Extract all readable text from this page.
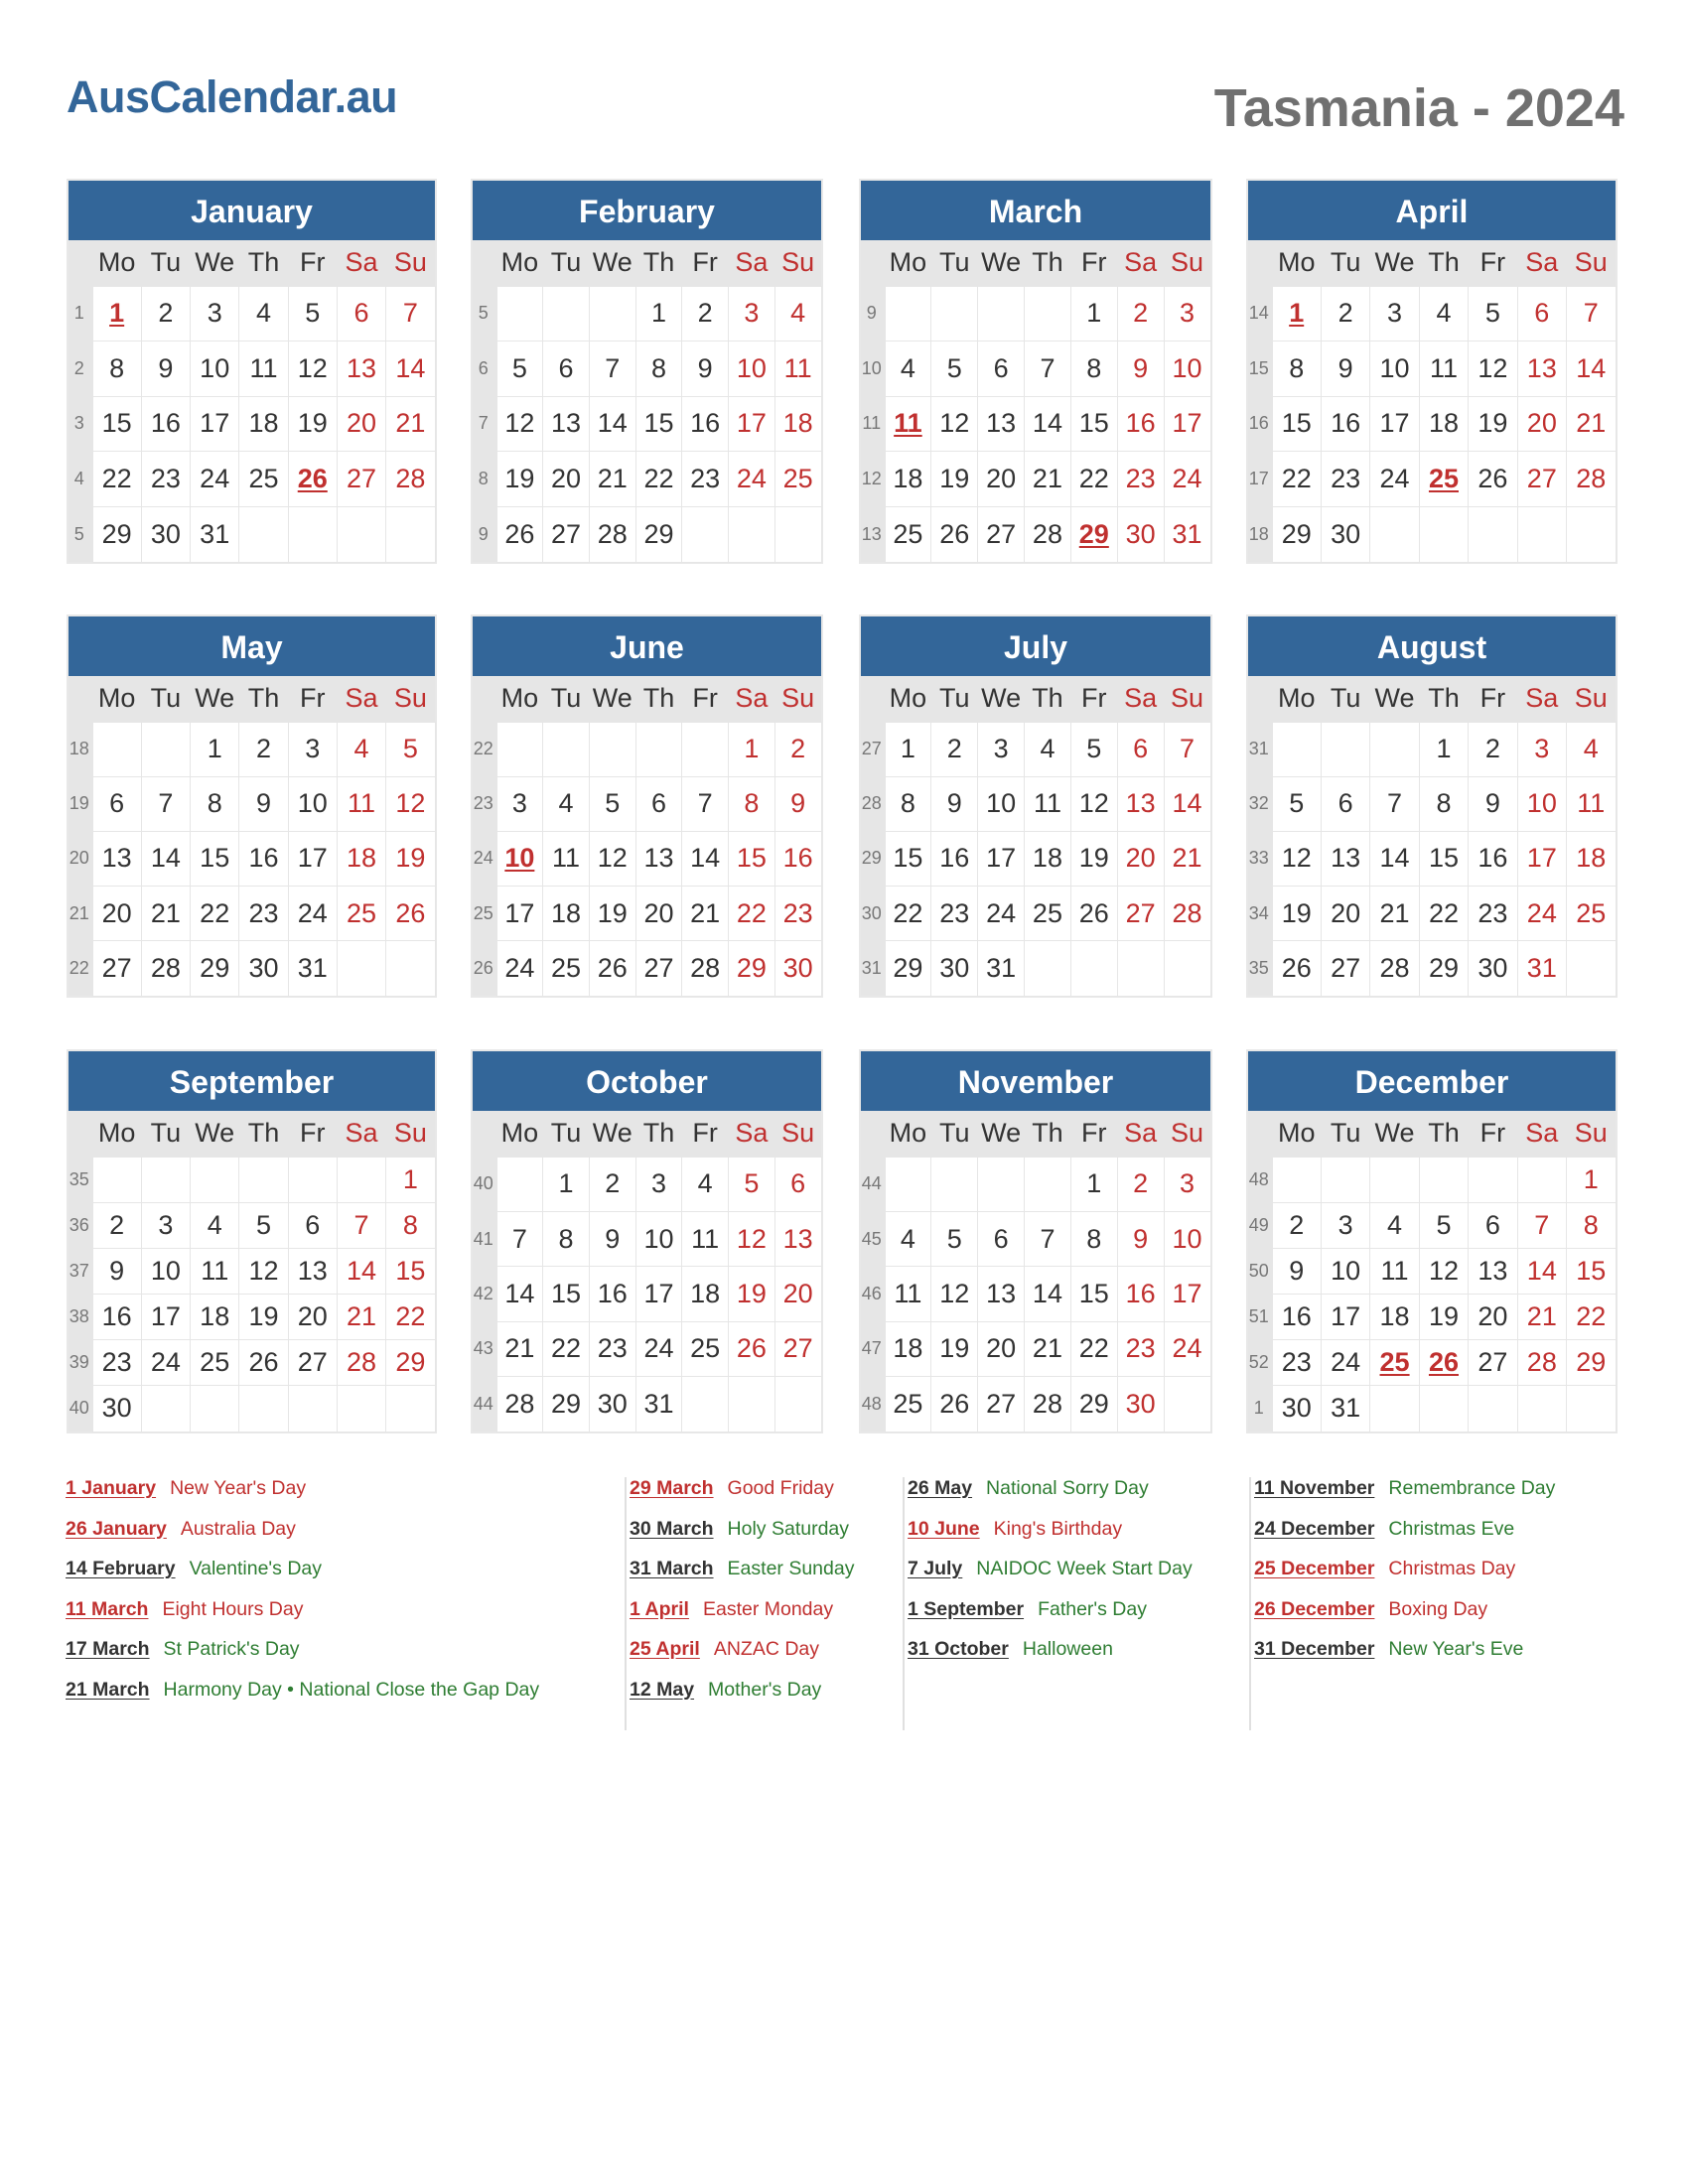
AusCalendar.au	Tasmania - 2024
January
	Mo	Tu	We	Th	Fr	Sa	Su
1	1	2	3	4	5	6	7
2	8	9	10	11	12	13	14
3	15	16	17	18	19	20	21
4	22	23	24	25	26	27	28
5	29	30	31				
February
	Mo	Tu	We	Th	Fr	Sa	Su
5				1	2	3	4
6	5	6	7	8	9	10	11
7	12	13	14	15	16	17	18
8	19	20	21	22	23	24	25
9	26	27	28	29			
March
	Mo	Tu	We	Th	Fr	Sa	Su
9					1	2	3
10	4	5	6	7	8	9	10
11	11	12	13	14	15	16	17
12	18	19	20	21	22	23	24
13	25	26	27	28	29	30	31
April
	Mo	Tu	We	Th	Fr	Sa	Su
14	1	2	3	4	5	6	7
15	8	9	10	11	12	13	14
16	15	16	17	18	19	20	21
17	22	23	24	25	26	27	28
18	29	30					
May
	Mo	Tu	We	Th	Fr	Sa	Su
18			1	2	3	4	5
19	6	7	8	9	10	11	12
20	13	14	15	16	17	18	19
21	20	21	22	23	24	25	26
22	27	28	29	30	31		
June
	Mo	Tu	We	Th	Fr	Sa	Su
22						1	2
23	3	4	5	6	7	8	9
24	10	11	12	13	14	15	16
25	17	18	19	20	21	22	23
26	24	25	26	27	28	29	30
July
	Mo	Tu	We	Th	Fr	Sa	Su
27	1	2	3	4	5	6	7
28	8	9	10	11	12	13	14
29	15	16	17	18	19	20	21
30	22	23	24	25	26	27	28
31	29	30	31				
August
	Mo	Tu	We	Th	Fr	Sa	Su
31				1	2	3	4
32	5	6	7	8	9	10	11
33	12	13	14	15	16	17	18
34	19	20	21	22	23	24	25
35	26	27	28	29	30	31	
September
	Mo	Tu	We	Th	Fr	Sa	Su
35							1
36	2	3	4	5	6	7	8
37	9	10	11	12	13	14	15
38	16	17	18	19	20	21	22
39	23	24	25	26	27	28	29
40	30						
October
	Mo	Tu	We	Th	Fr	Sa	Su
40		1	2	3	4	5	6
41	7	8	9	10	11	12	13
42	14	15	16	17	18	19	20
43	21	22	23	24	25	26	27
44	28	29	30	31			
November
	Mo	Tu	We	Th	Fr	Sa	Su
44					1	2	3
45	4	5	6	7	8	9	10
46	11	12	13	14	15	16	17
47	18	19	20	21	22	23	24
48	25	26	27	28	29	30	
December
	Mo	Tu	We	Th	Fr	Sa	Su
48							1
49	2	3	4	5	6	7	8
50	9	10	11	12	13	14	15
51	16	17	18	19	20	21	22
52	23	24	25	26	27	28	29
1	30	31					
1 January New Year's Day
26 January Australia Day
14 February Valentine's Day
11 March Eight Hours Day
17 March St Patrick's Day
21 March Harmony Day • National Close the Gap Day
29 March Good Friday
30 March Holy Saturday
31 March Easter Sunday
1 April Easter Monday
25 April ANZAC Day
12 May Mother's Day
26 May National Sorry Day
10 June King's Birthday
7 July NAIDOC Week Start Day
1 September Father's Day
31 October Halloween
11 November Remembrance Day
24 December Christmas Eve
25 December Christmas Day
26 December Boxing Day
31 December New Year's Eve
